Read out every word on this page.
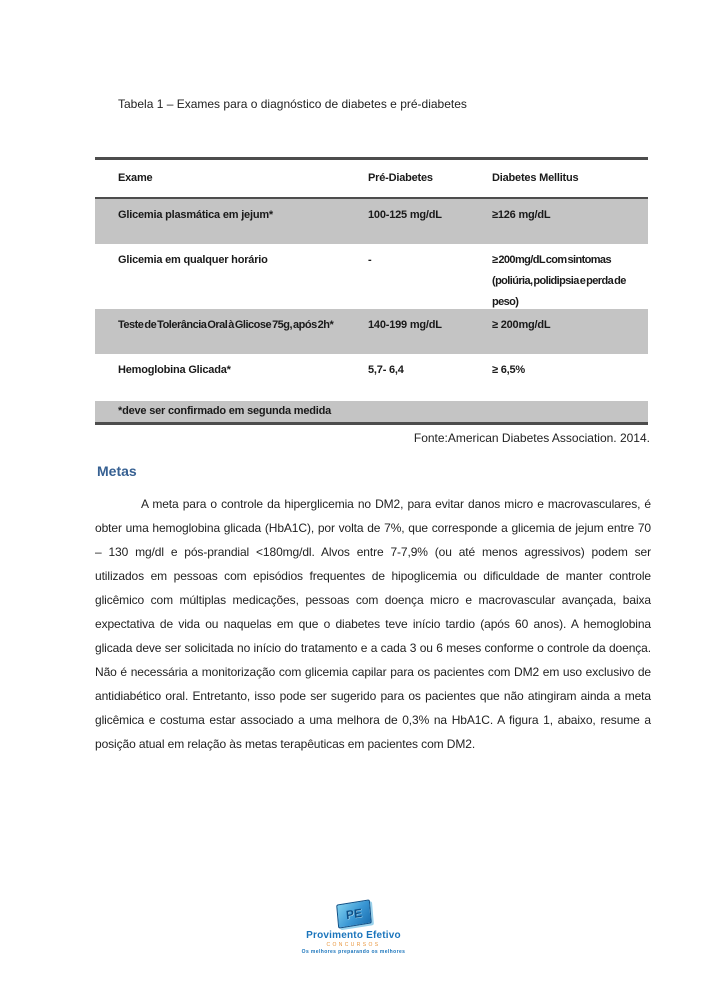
Tabela 1 – Exames para o diagnóstico de diabetes e pré-diabetes
Exame	Pré-Diabetes	Diabetes Mellitus
Glicemia plasmática em jejum*	100-125 mg/dL	≥126 mg/dL
Glicemia em qualquer horário	-	≥ 200mg/dL com sintomas (poliúria, polidipsia e perda de peso)
Teste de Tolerância Oral à Glicose 75g, após 2h*	140-199 mg/dL	≥ 200mg/dL
Hemoglobina Glicada*	5,7- 6,4	≥ 6,5%
*deve ser confirmado em segunda medida
Fonte:American Diabetes Association. 2014.
Metas

A meta para o controle da hiperglicemia no DM2, para evitar danos micro e macrovasculares, é obter uma hemoglobina glicada (HbA1C), por volta de 7%, que corresponde a glicemia de jejum entre 70 – 130 mg/dl e pós-prandial <180mg/dl. Alvos entre 7-7,9% (ou até menos agressivos) podem ser utilizados em pessoas com episódios frequentes de hipoglicemia ou dificuldade de manter controle glicêmico com múltiplas medicações, pessoas com doença micro e macrovascular avançada, baixa expectativa de vida ou naquelas em que o diabetes teve início tardio (após 60 anos). A hemoglobina glicada deve ser solicitada no início do tratamento e a cada 3 ou 6 meses conforme o controle da doença. Não é necessária a monitorização com glicemia capilar para os pacientes com DM2 em uso exclusivo de antidiabético oral. Entretanto, isso pode ser sugerido para os pacientes que não atingiram ainda a meta glicêmica e costuma estar associado a uma melhora de 0,3% na HbA1C. A figura 1, abaixo, resume a posição atual em relação às metas terapêuticas em pacientes com DM2.

PE
Provimento Efetivo
CONCURSOS
Os melhores preparando os melhores
